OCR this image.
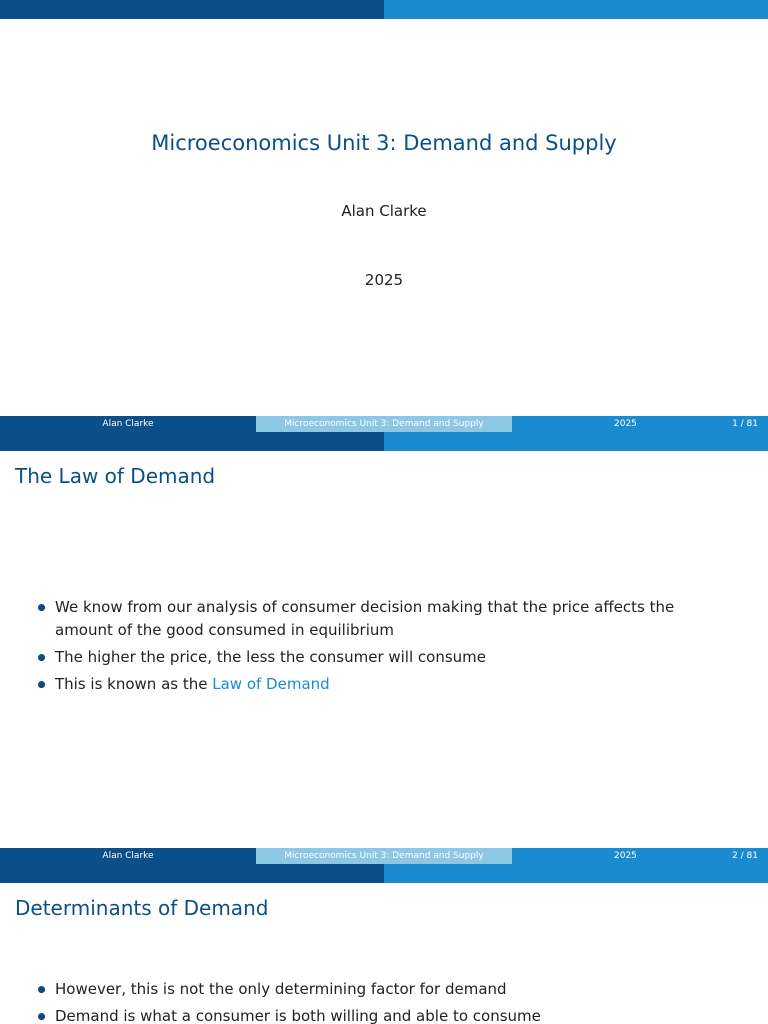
Microeconomics Unit 3: Demand and Supply
Alan Clarke
2025
Alan Clarke	Microeconomics Unit 3: Demand and Supply	2025	1 / 81
The Law of Demand
We know from our analysis of consumer decision making that the price affects the amount of the good consumed in equilibrium
The higher the price, the less the consumer will consume
This is known as the Law of Demand
Alan Clarke	Microeconomics Unit 3: Demand and Supply	2025	2 / 81
Determinants of Demand
However, this is not the only determining factor for demand
Demand is what a consumer is both willing and able to consume
